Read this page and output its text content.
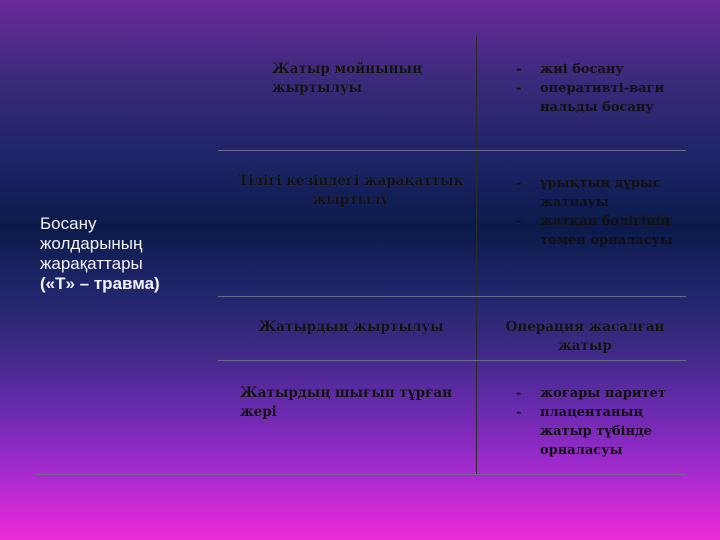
Босану
жолдарының
жарақаттары
(«Т» – травма)
Жатыр мойнының жыртылуы
- жиі босану
- оперативті-ваги нальды босану
Тілігі кезіндегі жарақаттық жыртылу
- ұрықтың дұрыс жатпауы
- жатқан бөлігінің төмен орналасуы
Жатырдың жыртылуы	Операция жасалған жатыр
Жатырдың шығып тұрған жері
- жоғары паритет
- плацентаның жатыр түбінде орналасуы
